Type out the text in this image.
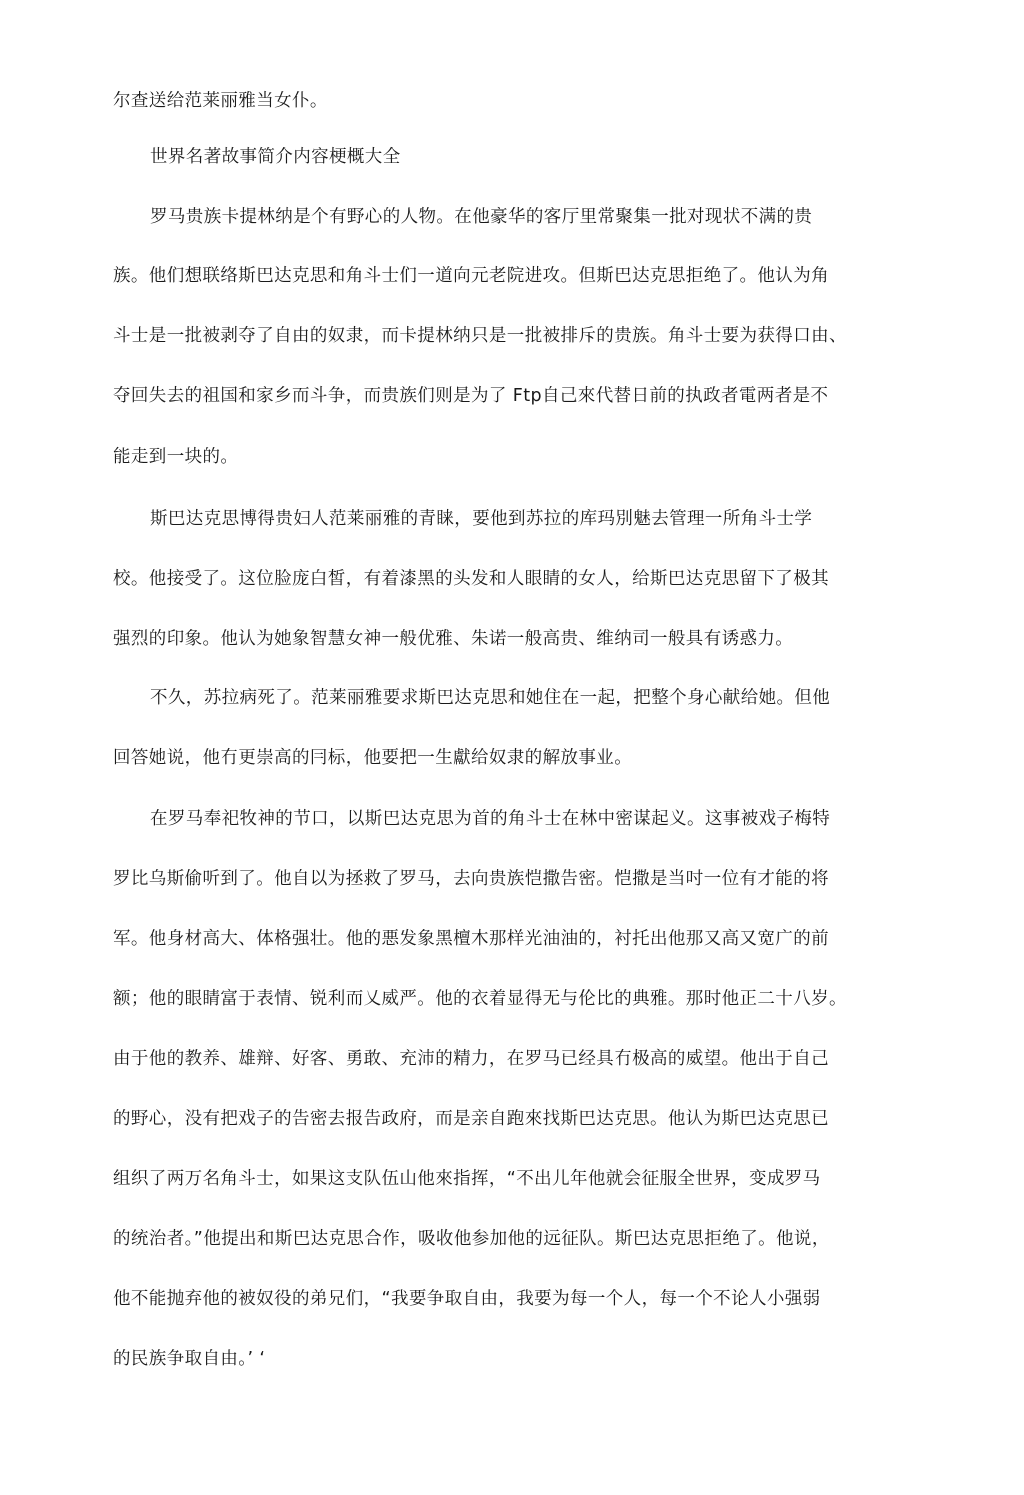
尔查送给范莱丽雅当女仆。
世界名著故事简介内容梗概大全
罗马贵族卡提林纳是个有野心的人物。在他豪华的客厅里常聚集一批对现状不满的贵
族。他们想联络斯巴达克思和角斗士们一道向元老院进攻。但斯巴达克思拒绝了。他认为角
斗士是一批被剥夺了自由的奴隶，而卡提林纳只是一批被排斥的贵族。角斗士要为获得口由、
夺回失去的祖国和家乡而斗争，而贵族们则是为了 Ftp自己來代替日前的执政者電两者是不
能走到一块的。
斯巴达克思博得贵妇人范莱丽雅的青睐，要他到苏拉的库玛別魅去管理一所角斗士学
校。他接受了。这位脸庞白皙，有着漆黑的头发和人眼睛的女人，给斯巴达克思留下了极其
强烈的印象。他认为她象智慧女神一般优雅、朱诺一般高贵、维纳司一般具有诱惑力。
不久，苏拉病死了。范莱丽雅要求斯巴达克思和她住在一起，把整个身心献给她。但他
回答她说，他冇更崇高的冃标，他要把一生獻给奴隶的解放事业。
在罗马奉祀牧神的节口，以斯巴达克思为首的角斗士在林中密谋起义。这事被戏子梅特
罗比乌斯偷听到了。他自以为拯救了罗马，去向贵族恺撒告密。恺撒是当吋一位有才能的将
军。他身材高大、体格强壮。他的悪发象黑檀木那样光油油的，衬托出他那又高又宽广的前
额；他的眼睛富于表情、锐利而乂威严。他的衣着显得无与伦比的典雅。那时他正二十八岁。
由于他的教养、雄辩、好客、勇敢、充沛的精力，在罗马已经具冇极高的威望。他出于自己
的野心，没有把戏子的告密去报告政府，而是亲自跑來找斯巴达克思。他认为斯巴达克思已
组织了两万名角斗士，如果这支队伍山他來指挥，“不出儿年他就会征服全世界，变成罗马
的统治者。”他提出和斯巴达克思合作，吸收他参加他的远征队。斯巴达克思拒绝了。他说，
他不能抛弃他的被奴役的弟兄们，“我要争取自由，我要为每一个人，每一个不论人小强弱
的民族争取自由。’ ‘
